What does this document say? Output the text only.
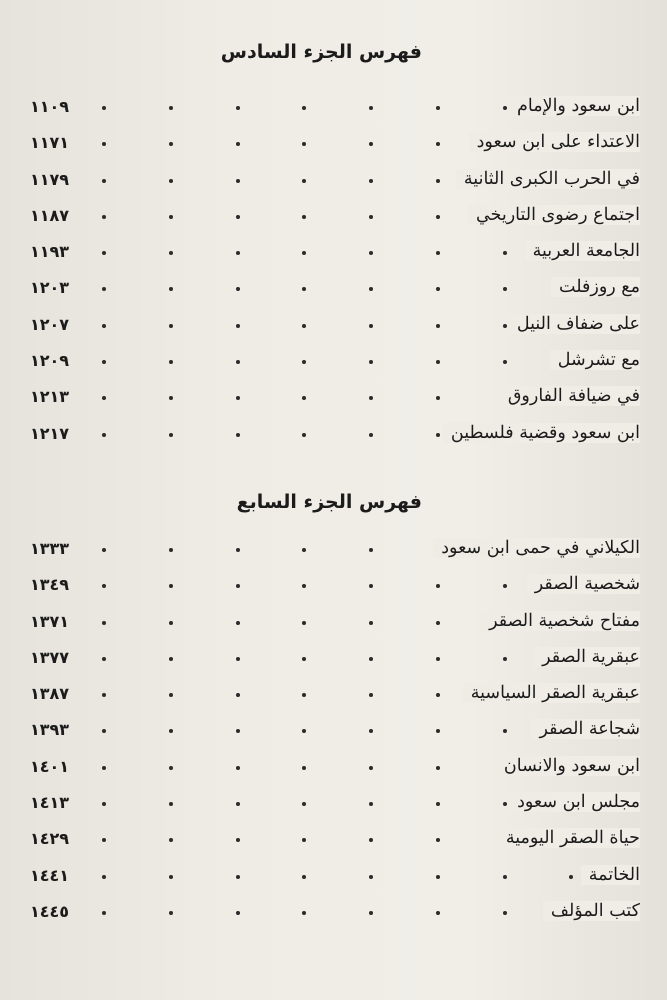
فهرس الجزء السادس
ابن سعود والإمام
١١٠٩
الاعتداء على ابن سعود
١١٧١
في الحرب الكبرى الثانية
١١٧٩
اجتماع رضوى التاريخي
١١٨٧
الجامعة العربية
١١٩٣
مع روزفلت
١٢٠٣
على ضفاف النيل
١٢٠٧
مع تشرشل
١٢٠٩
في ضيافة الفاروق
١٢١٣
ابن سعود وقضية فلسطين
١٢١٧
فهرس الجزء السابع
الكيلاني في حمى ابن سعود
١٣٣٣
شخصية الصقر
١٣٤٩
مفتاح شخصية الصقر
١٣٧١
عبقرية الصقر
١٣٧٧
عبقرية الصقر السياسية
١٣٨٧
شجاعة الصقر
١٣٩٣
ابن سعود والانسان
١٤٠١
مجلس ابن سعود
١٤١٣
حياة الصقر اليومية
١٤٢٩
الخاتمة
١٤٤١
كتب المؤلف
١٤٤٥
